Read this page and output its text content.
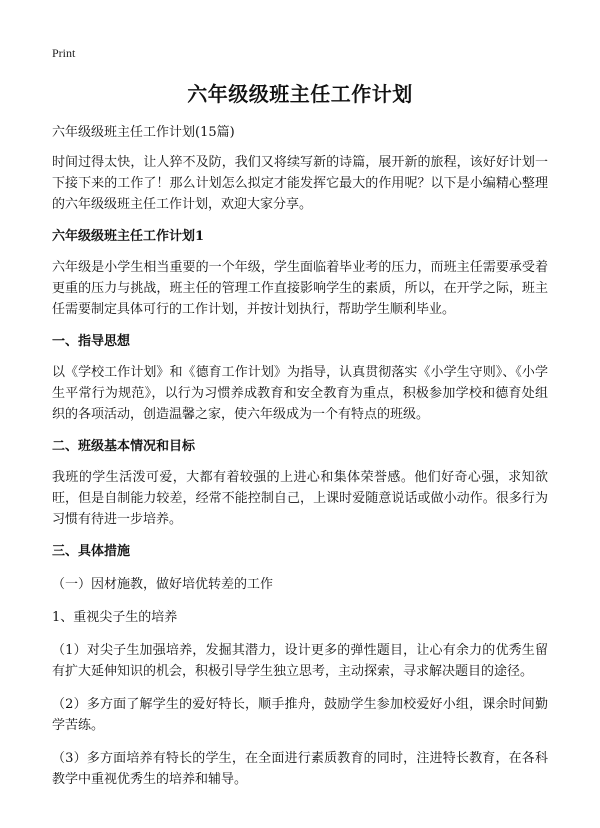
Print
六年级级班主任工作计划

六年级级班主任工作计划(15篇)

时间过得太快，让人猝不及防，我们又将续写新的诗篇，展开新的旅程，该好好计划一下接下来的工作了！那么计划怎么拟定才能发挥它最大的作用呢？以下是小编精心整理的六年级级班主任工作计划，欢迎大家分享。

六年级级班主任工作计划1

六年级是小学生相当重要的一个年级，学生面临着毕业考的压力，而班主任需要承受着更重的压力与挑战，班主任的管理工作直接影响学生的素质，所以，在开学之际，班主任需要制定具体可行的工作计划，并按计划执行，帮助学生顺利毕业。

一、指导思想

以《学校工作计划》和《德育工作计划》为指导，认真贯彻落实《小学生守则》、《小学生平常行为规范》，以行为习惯养成教育和安全教育为重点，积极参加学校和德育处组织的各项活动，创造温馨之家，使六年级成为一个有特点的班级。

二、班级基本情况和目标

我班的学生活泼可爱，大都有着较强的上进心和集体荣誉感。他们好奇心强，求知欲旺，但是自制能力较差，经常不能控制自己，上课时爱随意说话或做小动作。很多行为习惯有待进一步培养。

三、具体措施

（一）因材施教，做好培优转差的工作

1、重视尖子生的培养

（1）对尖子生加强培养，发掘其潜力，设计更多的弹性题目，让心有余力的优秀生留有扩大延伸知识的机会，积极引导学生独立思考，主动探索，寻求解决题目的途径。

（2）多方面了解学生的爱好特长，顺手推舟，鼓励学生参加校爱好小组，课余时间勤学苦练。

（3）多方面培养有特长的学生，在全面进行素质教育的同时，注进特长教育，在各科教学中重视优秀生的培养和辅导。
